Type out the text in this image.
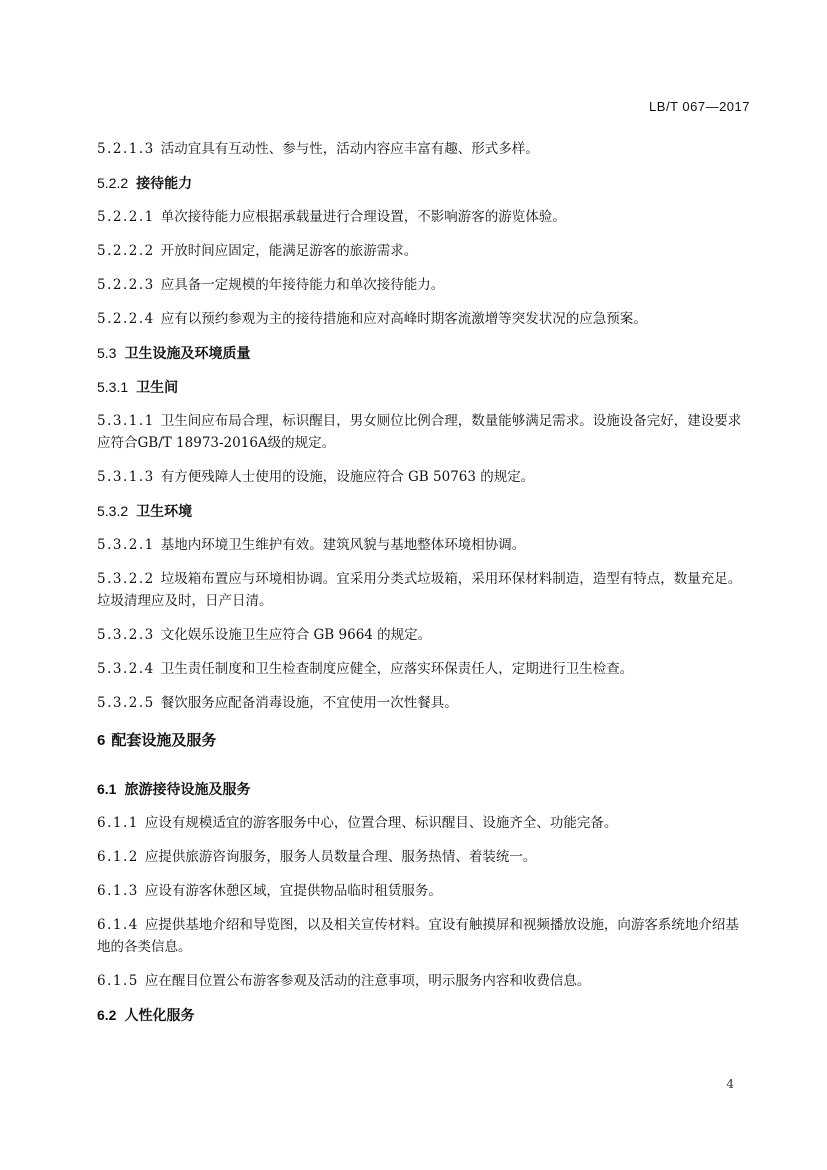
LB/T 067—2017
5.2.1.3 活动宜具有互动性、参与性，活动内容应丰富有趣、形式多样。
5.2.2 接待能力
5.2.2.1 单次接待能力应根据承载量进行合理设置，不影响游客的游览体验。
5.2.2.2 开放时间应固定，能满足游客的旅游需求。
5.2.2.3 应具备一定规模的年接待能力和单次接待能力。
5.2.2.4 应有以预约参观为主的接待措施和应对高峰时期客流激增等突发状况的应急预案。
5.3 卫生设施及环境质量
5.3.1 卫生间
5.3.1.1 卫生间应布局合理，标识醒目，男女厕位比例合理，数量能够满足需求。设施设备完好，建设要求应符合GB/T 18973-2016A级的规定。
5.3.1.3 有方便残障人士使用的设施，设施应符合 GB 50763 的规定。
5.3.2 卫生环境
5.3.2.1 基地内环境卫生维护有效。建筑风貌与基地整体环境相协调。
5.3.2.2 垃圾箱布置应与环境相协调。宜采用分类式垃圾箱，采用环保材料制造，造型有特点，数量充足。垃圾清理应及时，日产日清。
5.3.2.3 文化娱乐设施卫生应符合 GB 9664 的规定。
5.3.2.4 卫生责任制度和卫生检查制度应健全，应落实环保责任人，定期进行卫生检查。
5.3.2.5 餐饮服务应配备消毒设施，不宜使用一次性餐具。
6 配套设施及服务
6.1 旅游接待设施及服务
6.1.1 应设有规模适宜的游客服务中心，位置合理、标识醒目、设施齐全、功能完备。
6.1.2 应提供旅游咨询服务，服务人员数量合理、服务热情、着装统一。
6.1.3 应设有游客休憩区域，宜提供物品临时租赁服务。
6.1.4 应提供基地介绍和导览图，以及相关宣传材料。宜设有触摸屏和视频播放设施，向游客系统地介绍基地的各类信息。
6.1.5 应在醒目位置公布游客参观及活动的注意事项，明示服务内容和收费信息。
6.2 人性化服务
4
